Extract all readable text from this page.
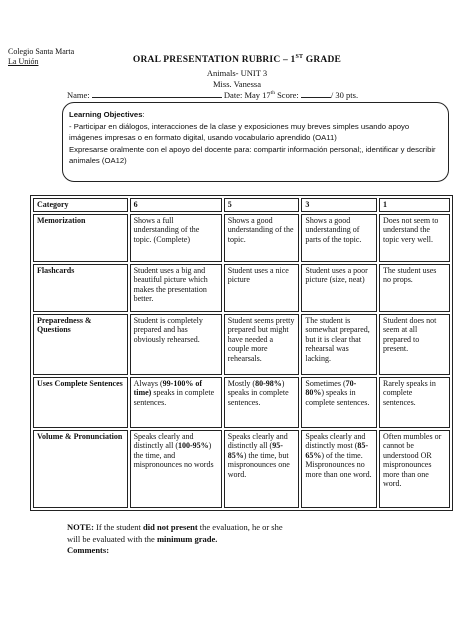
Colegio Santa Marta
La Unión	ORAL PRESENTATION RUBRIC – 1ST GRADE
Animals- UNIT 3
Miss. Vanessa
Name:	Date: May 17th Score:	/ 30 pts.

Learning Objectives:

- Participar en diálogos, interacciones de la clase y exposiciones muy breves simples usando apoyo imágenes impresas o en formato digital, usando vocabulario aprendido (OA11)

Expresarse oralmente con el apoyo del docente para: compartir información personal;, identificar y describir animales (OA12)

Category	6	5	3	1
Memorization	Shows a full understanding of the topic. (Complete)	Shows a good understanding of the topic.	Shows a good understanding of parts of the topic.	Does not seem to understand the topic very well.
Flashcards	Student uses a big and beautiful picture which makes the presentation better.	Student uses a nice picture	Student uses a poor picture (size, neat)	The student uses no props.
Preparedness & Questions	Student is completely prepared and has obviously rehearsed.	Student seems pretty prepared but might have needed a couple more rehearsals.	The student is somewhat prepared, but it is clear that rehearsal was lacking.	Student does not seem at all prepared to present.
Uses Complete Sentences	Always (99-100% of time) speaks in complete sentences.	Mostly (80-98%) speaks in complete sentences.	Sometimes (70-80%) speaks in complete sentences.	Rarely speaks in complete sentences.
Volume & Pronunciation	Speaks clearly and distinctly all (100-95%) the time, and mispronounces no words	Speaks clearly and distinctly all (95-85%) the time, but mispronounces one word.	Speaks clearly and distinctly most (85-65%) of the time. Mispronounces no more than one word.	Often mumbles or cannot be understood OR mispronounces more than one word.
NOTE: If the student did not present the evaluation, he or she
will be evaluated with the minimum grade.
Comments:
